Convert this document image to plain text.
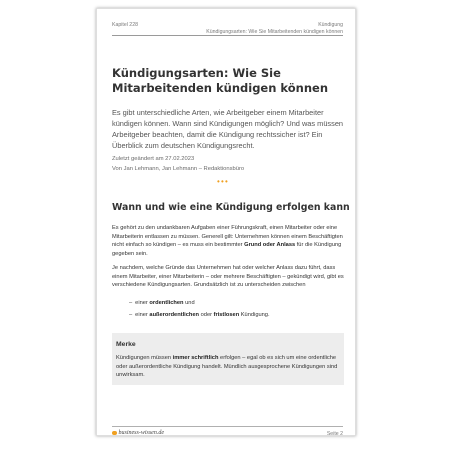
Kapitel 228	Kündigung
Kündigungsarten: Wie Sie Mitarbeitenden kündigen können
Kündigungsarten: Wie Sie Mitarbeitenden kündigen können
Es gibt unterschiedliche Arten, wie Arbeitgeber einem Mitarbeiter kündigen können. Wann sind Kündigungen möglich? Und was müssen Arbeitgeber beachten, damit die Kündigung rechtssicher ist? Ein Überblick zum deutschen Kündigungsrecht.
Zuletzt geändert am 27.02.2023
Von Jan Lehmann, Jan Lehmann – Redaktionsbüro
•••
Wann und wie eine Kündigung erfolgen kann
Es gehört zu den undankbaren Aufgaben einer Führungskraft, einen Mitarbeiter oder eine Mitarbeiterin entlassen zu müssen. Generell gilt: Unternehmen können einem Beschäftigten nicht einfach so kündigen – es muss ein bestimmter Grund oder Anlass für die Kündigung gegeben sein.
Je nachdem, welche Gründe das Unternehmen hat oder welcher Anlass dazu führt, dass einem Mitarbeiter, einer Mitarbeiterin – oder mehrere Beschäftigten – gekündigt wird, gibt es verschiedene Kündigungsarten. Grundsätzlich ist zu unterscheiden zwischen
– einer ordentlichen und
– einer außerordentlichen oder fristlosen Kündigung.
Merke
Kündigungen müssen immer schriftlich erfolgen – egal ob es sich um eine ordentliche oder außerordentliche Kündigung handelt. Mündlich ausgesprochene Kündigungen sind unwirksam.
business-wissen.de	Seite 2
